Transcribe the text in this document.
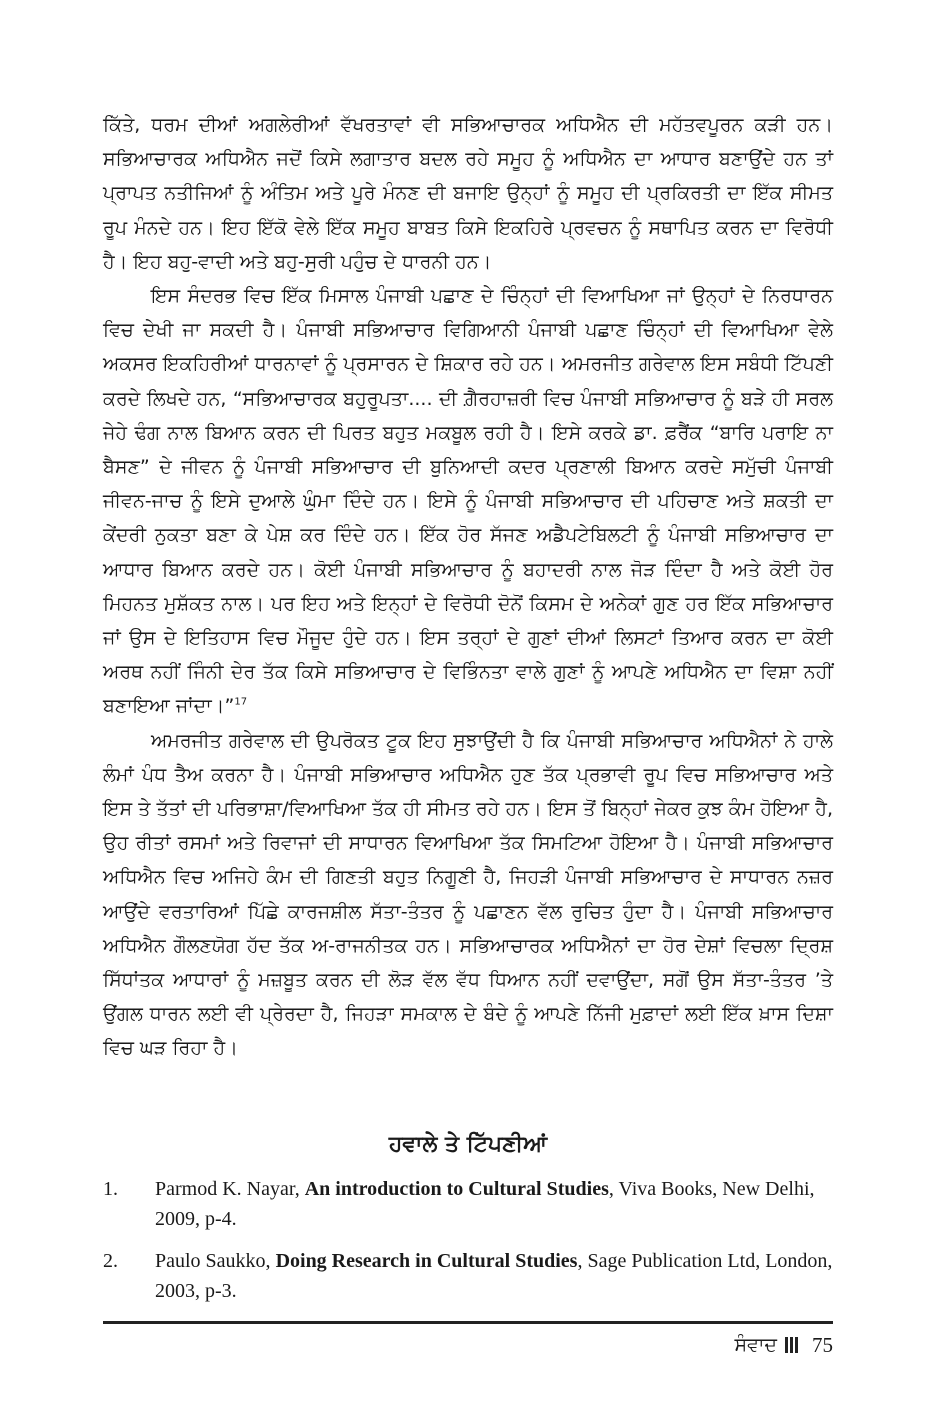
ਕਿੱਤੇ, ਧਰਮ ਦੀਆਂ ਅਗਲੇਰੀਆਂ ਵੱਖਰਤਾਵਾਂ ਵੀ ਸਭਿਆਚਾਰਕ ਅਧਿਐਨ ਦੀ ਮਹੱਤਵਪੂਰਨ ਕੜੀ ਹਨ। ਸਭਿਆਚਾਰਕ ਅਧਿਐਨ ਜਦੋਂ ਕਿਸੇ ਲਗਾਤਾਰ ਬਦਲ ਰਹੇ ਸਮੂਹ ਨੂੰ ਅਧਿਐਨ ਦਾ ਆਧਾਰ ਬਣਾਉਂਦੇ ਹਨ ਤਾਂ ਪ੍ਰਾਪਤ ਨਤੀਜਿਆਂ ਨੂੰ ਅੰਤਿਮ ਅਤੇ ਪੂਰੇ ਮੰਨਣ ਦੀ ਬਜਾਇ ਉਨ੍ਹਾਂ ਨੂੰ ਸਮੂਹ ਦੀ ਪ੍ਰਕਿਰਤੀ ਦਾ ਇੱਕ ਸੀਮਤ ਰੂਪ ਮੰਨਦੇ ਹਨ। ਇਹ ਇੱਕੋ ਵੇਲੇ ਇੱਕ ਸਮੂਹ ਬਾਬਤ ਕਿਸੇ ਇਕਹਿਰੇ ਪ੍ਰਵਚਨ ਨੂੰ ਸਥਾਪਿਤ ਕਰਨ ਦਾ ਵਿਰੋਧੀ ਹੈ। ਇਹ ਬਹੁ-ਵਾਦੀ ਅਤੇ ਬਹੁ-ਸੁਰੀ ਪਹੁੰਚ ਦੇ ਧਾਰਨੀ ਹਨ।

ਇਸ ਸੰਦਰਭ ਵਿਚ ਇੱਕ ਮਿਸਾਲ ਪੰਜਾਬੀ ਪਛਾਣ ਦੇ ਚਿੰਨ੍ਹਾਂ ਦੀ ਵਿਆਖਿਆ ਜਾਂ ਉਨ੍ਹਾਂ ਦੇ ਨਿਰਧਾਰਨ ਵਿਚ ਦੇਖੀ ਜਾ ਸਕਦੀ ਹੈ। ਪੰਜਾਬੀ ਸਭਿਆਚਾਰ ਵਿਗਿਆਨੀ ਪੰਜਾਬੀ ਪਛਾਣ ਚਿੰਨ੍ਹਾਂ ਦੀ ਵਿਆਖਿਆ ਵੇਲੇ ਅਕਸਰ ਇਕਹਿਰੀਆਂ ਧਾਰਨਾਵਾਂ ਨੂੰ ਪ੍ਰਸਾਰਨ ਦੇ ਸ਼ਿਕਾਰ ਰਹੇ ਹਨ। ਅਮਰਜੀਤ ਗਰੇਵਾਲ ਇਸ ਸਬੰਧੀ ਟਿੱਪਣੀ ਕਰਦੇ ਲਿਖਦੇ ਹਨ, “ਸਭਿਆਚਾਰਕ ਬਹੁਰੂਪਤਾ.... ਦੀ ਗ਼ੈਰਹਾਜ਼ਰੀ ਵਿਚ ਪੰਜਾਬੀ ਸਭਿਆਚਾਰ ਨੂੰ ਬੜੇ ਹੀ ਸਰਲ ਜੇਹੇ ਢੰਗ ਨਾਲ ਬਿਆਨ ਕਰਨ ਦੀ ਪਿਰਤ ਬਹੁਤ ਮਕਬੂਲ ਰਹੀ ਹੈ। ਇਸੇ ਕਰਕੇ ਡਾ. ਫ਼ਰੈਂਕ “ਬਾਰਿ ਪਰਾਇ ਨਾ ਬੈਸਣ” ਦੇ ਜੀਵਨ ਨੂੰ ਪੰਜਾਬੀ ਸਭਿਆਚਾਰ ਦੀ ਬੁਨਿਆਦੀ ਕਦਰ ਪ੍ਰਣਾਲੀ ਬਿਆਨ ਕਰਦੇ ਸਮੁੱਚੀ ਪੰਜਾਬੀ ਜੀਵਨ-ਜਾਚ ਨੂੰ ਇਸੇ ਦੁਆਲੇ ਘੁੰਮਾ ਦਿੰਦੇ ਹਨ। ਇਸੇ ਨੂੰ ਪੰਜਾਬੀ ਸਭਿਆਚਾਰ ਦੀ ਪਹਿਚਾਣ ਅਤੇ ਸ਼ਕਤੀ ਦਾ ਕੇਂਦਰੀ ਨੁਕਤਾ ਬਣਾ ਕੇ ਪੇਸ਼ ਕਰ ਦਿੰਦੇ ਹਨ। ਇੱਕ ਹੋਰ ਸੱਜਣ ਅਡੈਪਟੇਬਿਲਟੀ ਨੂੰ ਪੰਜਾਬੀ ਸਭਿਆਚਾਰ ਦਾ ਆਧਾਰ ਬਿਆਨ ਕਰਦੇ ਹਨ। ਕੋਈ ਪੰਜਾਬੀ ਸਭਿਆਚਾਰ ਨੂੰ ਬਹਾਦਰੀ ਨਾਲ ਜੋੜ ਦਿੰਦਾ ਹੈ ਅਤੇ ਕੋਈ ਹੋਰ ਮਿਹਨਤ ਮੁਸ਼ੱਕਤ ਨਾਲ। ਪਰ ਇਹ ਅਤੇ ਇਨ੍ਹਾਂ ਦੇ ਵਿਰੋਧੀ ਦੋਨੋਂ ਕਿਸਮ ਦੇ ਅਨੇਕਾਂ ਗੁਣ ਹਰ ਇੱਕ ਸਭਿਆਚਾਰ ਜਾਂ ਉਸ ਦੇ ਇਤਿਹਾਸ ਵਿਚ ਮੌਜੂਦ ਹੁੰਦੇ ਹਨ। ਇਸ ਤਰ੍ਹਾਂ ਦੇ ਗੁਣਾਂ ਦੀਆਂ ਲਿਸਟਾਂ ਤਿਆਰ ਕਰਨ ਦਾ ਕੋਈ ਅਰਥ ਨਹੀਂ ਜਿੰਨੀ ਦੇਰ ਤੱਕ ਕਿਸੇ ਸਭਿਆਚਾਰ ਦੇ ਵਿਭਿੰਨਤਾ ਵਾਲੇ ਗੁਣਾਂ ਨੂੰ ਆਪਣੇ ਅਧਿਐਨ ਦਾ ਵਿਸ਼ਾ ਨਹੀਂ ਬਣਾਇਆ ਜਾਂਦਾ।”$^{17}$

ਅਮਰਜੀਤ ਗਰੇਵਾਲ ਦੀ ਉਪਰੋਕਤ ਟੂਕ ਇਹ ਸੁਝਾਉਂਦੀ ਹੈ ਕਿ ਪੰਜਾਬੀ ਸਭਿਆਚਾਰ ਅਧਿਐਨਾਂ ਨੇ ਹਾਲੇ ਲੰਮਾਂ ਪੰਧ ਤੈਅ ਕਰਨਾ ਹੈ। ਪੰਜਾਬੀ ਸਭਿਆਚਾਰ ਅਧਿਐਨ ਹੁਣ ਤੱਕ ਪ੍ਰਭਾਵੀ ਰੂਪ ਵਿਚ ਸਭਿਆਚਾਰ ਅਤੇ ਇਸ ਤੇ ਤੱਤਾਂ ਦੀ ਪਰਿਭਾਸ਼ਾ/ਵਿਆਖਿਆ ਤੱਕ ਹੀ ਸੀਮਤ ਰਹੇ ਹਨ। ਇਸ ਤੋਂ ਬਿਨ੍ਹਾਂ ਜੇਕਰ ਕੁਝ ਕੰਮ ਹੋਇਆ ਹੈ, ਉਹ ਰੀਤਾਂ ਰਸਮਾਂ ਅਤੇ ਰਿਵਾਜਾਂ ਦੀ ਸਾਧਾਰਨ ਵਿਆਖਿਆ ਤੱਕ ਸਿਮਟਿਆ ਹੋਇਆ ਹੈ। ਪੰਜਾਬੀ ਸਭਿਆਚਾਰ ਅਧਿਐਨ ਵਿਚ ਅਜਿਹੇ ਕੰਮ ਦੀ ਗਿਣਤੀ ਬਹੁਤ ਨਿਗੂਣੀ ਹੈ, ਜਿਹੜੀ ਪੰਜਾਬੀ ਸਭਿਆਚਾਰ ਦੇ ਸਾਧਾਰਨ ਨਜ਼ਰ ਆਉਂਦੇ ਵਰਤਾਰਿਆਂ ਪਿੱਛੇ ਕਾਰਜਸ਼ੀਲ ਸੱਤਾ-ਤੰਤਰ ਨੂੰ ਪਛਾਣਨ ਵੱਲ ਰੁਚਿਤ ਹੁੰਦਾ ਹੈ। ਪੰਜਾਬੀ ਸਭਿਆਚਾਰ ਅਧਿਐਨ ਗੌਲਣਯੋਗ ਹੱਦ ਤੱਕ ਅ-ਰਾਜਨੀਤਕ ਹਨ। ਸਭਿਆਚਾਰਕ ਅਧਿਐਨਾਂ ਦਾ ਹੋਰ ਦੇਸ਼ਾਂ ਵਿਚਲਾ ਦ੍ਰਿਸ਼ ਸਿੱਧਾਂਤਕ ਆਧਾਰਾਂ ਨੂੰ ਮਜ਼ਬੂਤ ਕਰਨ ਦੀ ਲੋੜ ਵੱਲ ਵੱਧ ਧਿਆਨ ਨਹੀਂ ਦਵਾਉਂਦਾ, ਸਗੋਂ ਉਸ ਸੱਤਾ-ਤੰਤਰ ’ਤੇ ਉਂਗਲ ਧਾਰਨ ਲਈ ਵੀ ਪ੍ਰੇਰਦਾ ਹੈ, ਜਿਹੜਾ ਸਮਕਾਲ ਦੇ ਬੰਦੇ ਨੂੰ ਆਪਣੇ ਨਿੱਜੀ ਮੁਫ਼ਾਦਾਂ ਲਈ ਇੱਕ ਖ਼ਾਸ ਦਿਸ਼ਾ ਵਿਚ ਘੜ ਰਿਹਾ ਹੈ।

ਹਵਾਲੇ ਤੇ ਟਿੱਪਣੀਆਂ
1.	Parmod K. Nayar, An introduction to Cultural Studies, Viva Books, New Delhi, 2009, p-4.
2.	Paulo Saukko, Doing Research in Cultural Studies, Sage Publication Ltd, London, 2003, p-3.
ਸੰਵਾਦ 75
